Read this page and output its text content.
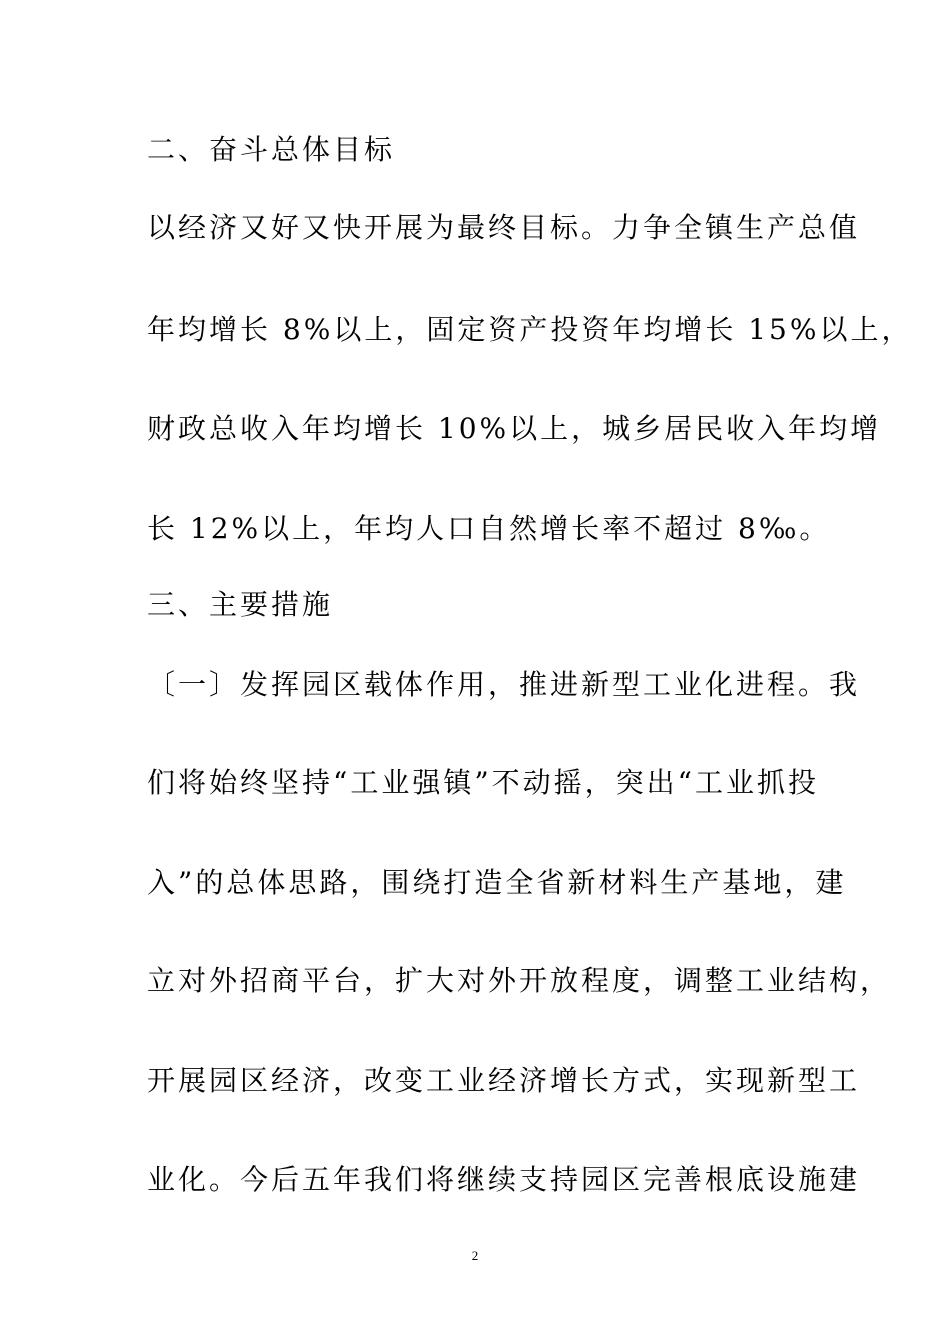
二、奋斗总体目标
以经济又好又快开展为最终目标。力争全镇生产总值
年均增长 8%以上，固定资产投资年均增长 15%以上，
财政总收入年均增长 10%以上，城乡居民收入年均增
长 12%以上，年均人口自然增长率不超过 8‰。
三、主要措施
〔一〕发挥园区载体作用，推进新型工业化进程。我
们将始终坚持“工业强镇”不动摇，突出“工业抓投
入”的总体思路，围绕打造全省新材料生产基地，建
立对外招商平台，扩大对外开放程度，调整工业结构，
开展园区经济，改变工业经济增长方式，实现新型工
业化。今后五年我们将继续支持园区完善根底设施建
2
